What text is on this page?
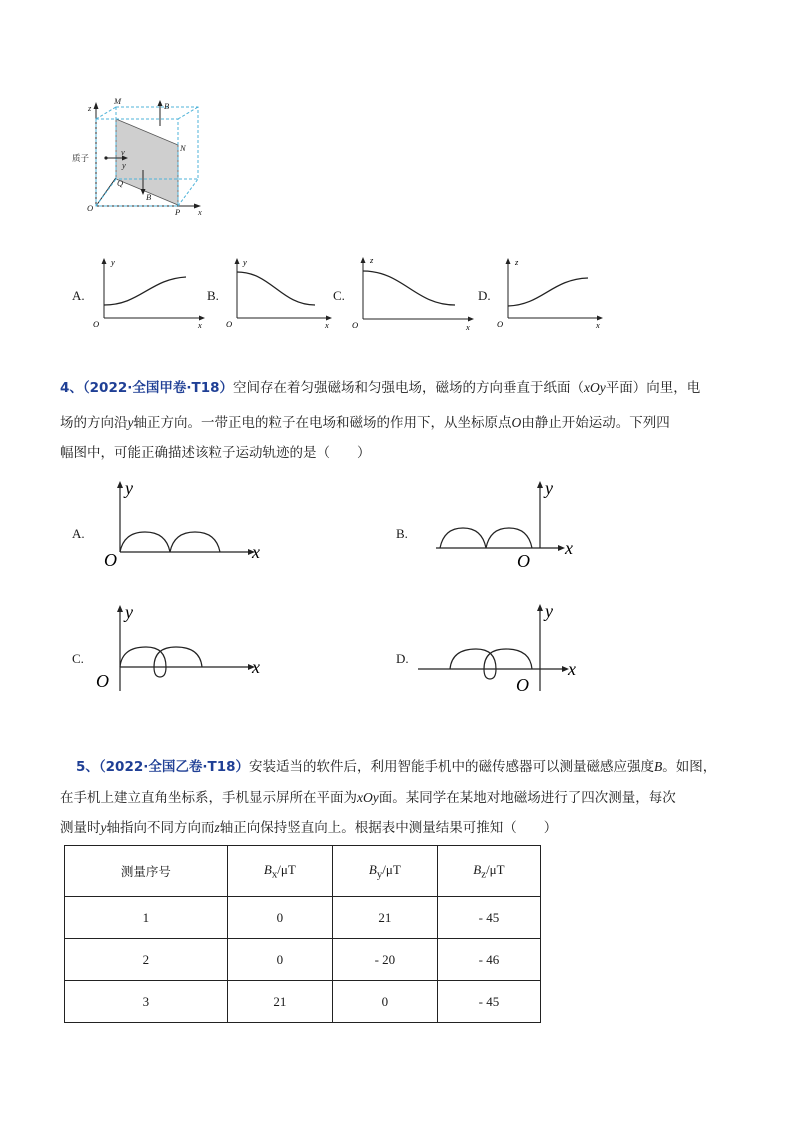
z
M	B
N
v
y
Q
B
O	P x
质子
A.
y
x
O
B.
y
x
O
C.
z
x
O
D.
z
x
O
4、（2022·全国甲卷·T18）空间存在着匀强磁场和匀强电场，磁场的方向垂直于纸面（xOy平面）向里，电
场的方向沿y轴正方向。一带正电的粒子在电场和磁场的作用下，从坐标原点O由静止开始运动。下列四
幅图中，可能正确描述该粒子运动轨迹的是（　　）
A.
y
x
O
B.
y
x
O
C.
y
x
O
D.
y
x
O
5、（2022·全国乙卷·T18）安装适当的软件后，利用智能手机中的磁传感器可以测量磁感应强度B。如图，
在手机上建立直角坐标系，手机显示屏所在平面为xOy面。某同学在某地对地磁场进行了四次测量，每次
测量时y轴指向不同方向而z轴正向保持竖直向上。根据表中测量结果可推知（　　）
测量序号	$B_x/\mu T$	$B_y/\mu T$	$B_z/\mu T$
1	0	21	- 45
2	0	- 20	- 46
3	21	0	- 45
